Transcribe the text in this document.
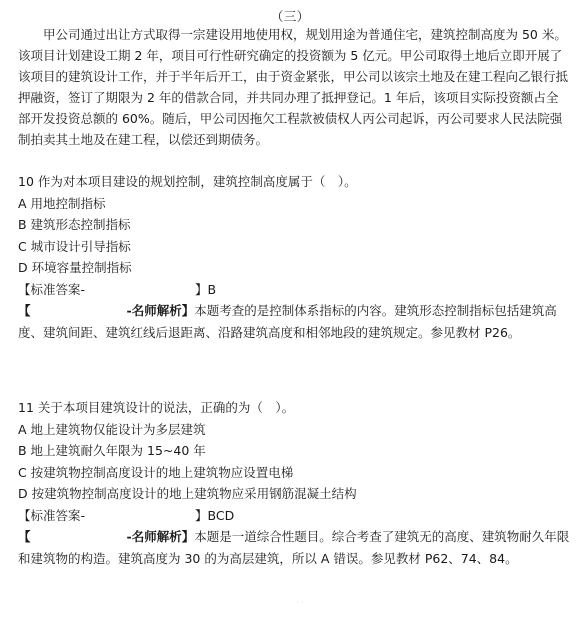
（三）
甲公司通过出让方式取得一宗建设用地使用权，规划用途为普通住宅，建筑控制高度为 50 米。该项目计划建设工期 2 年，项目可行性研究确定的投资额为 5 亿元。甲公司取得土地后立即开展了该项目的建筑设计工作，并于半年后开工，由于资金紧张，甲公司以该宗土地及在建工程向乙银行抵押融资，签订了期限为 2 年的借款合同，并共同办理了抵押登记。1 年后，该项目实际投资额占全部开发投资总额的 60%。随后，甲公司因拖欠工程款被债权人丙公司起诉，丙公司要求人民法院强制拍卖其土地及在建工程，以偿还到期债务。
10 作为对本项目建设的规划控制，建筑控制高度属于（　）。
A 用地控制指标
B 建筑形态控制指标
C 城市设计引导指标
D 环境容量控制指标
【标准答案-	】B
【	-名师解析】本题考查的是控制体系指标的内容。建筑形态控制指标包括建筑高度、建筑间距、建筑红线后退距离、沿路建筑高度和相邻地段的建筑规定。参见教材 P26。
11 关于本项目建筑设计的说法，正确的为（　）。
A 地上建筑物仅能设计为多层建筑
B 地上建筑耐久年限为 15~40 年
C 按建筑物控制高度设计的地上建筑物应设置电梯
D 按建筑物控制高度设计的地上建筑物应采用钢筋混凝土结构
【标准答案-	】BCD
【	-名师解析】本题是一道综合性题目。综合考查了建筑无的高度、建筑物耐久年限和建筑物的构造。建筑高度为 30 的为高层建筑，所以 A 错误。参见教材 P62、74、84。
· ·
